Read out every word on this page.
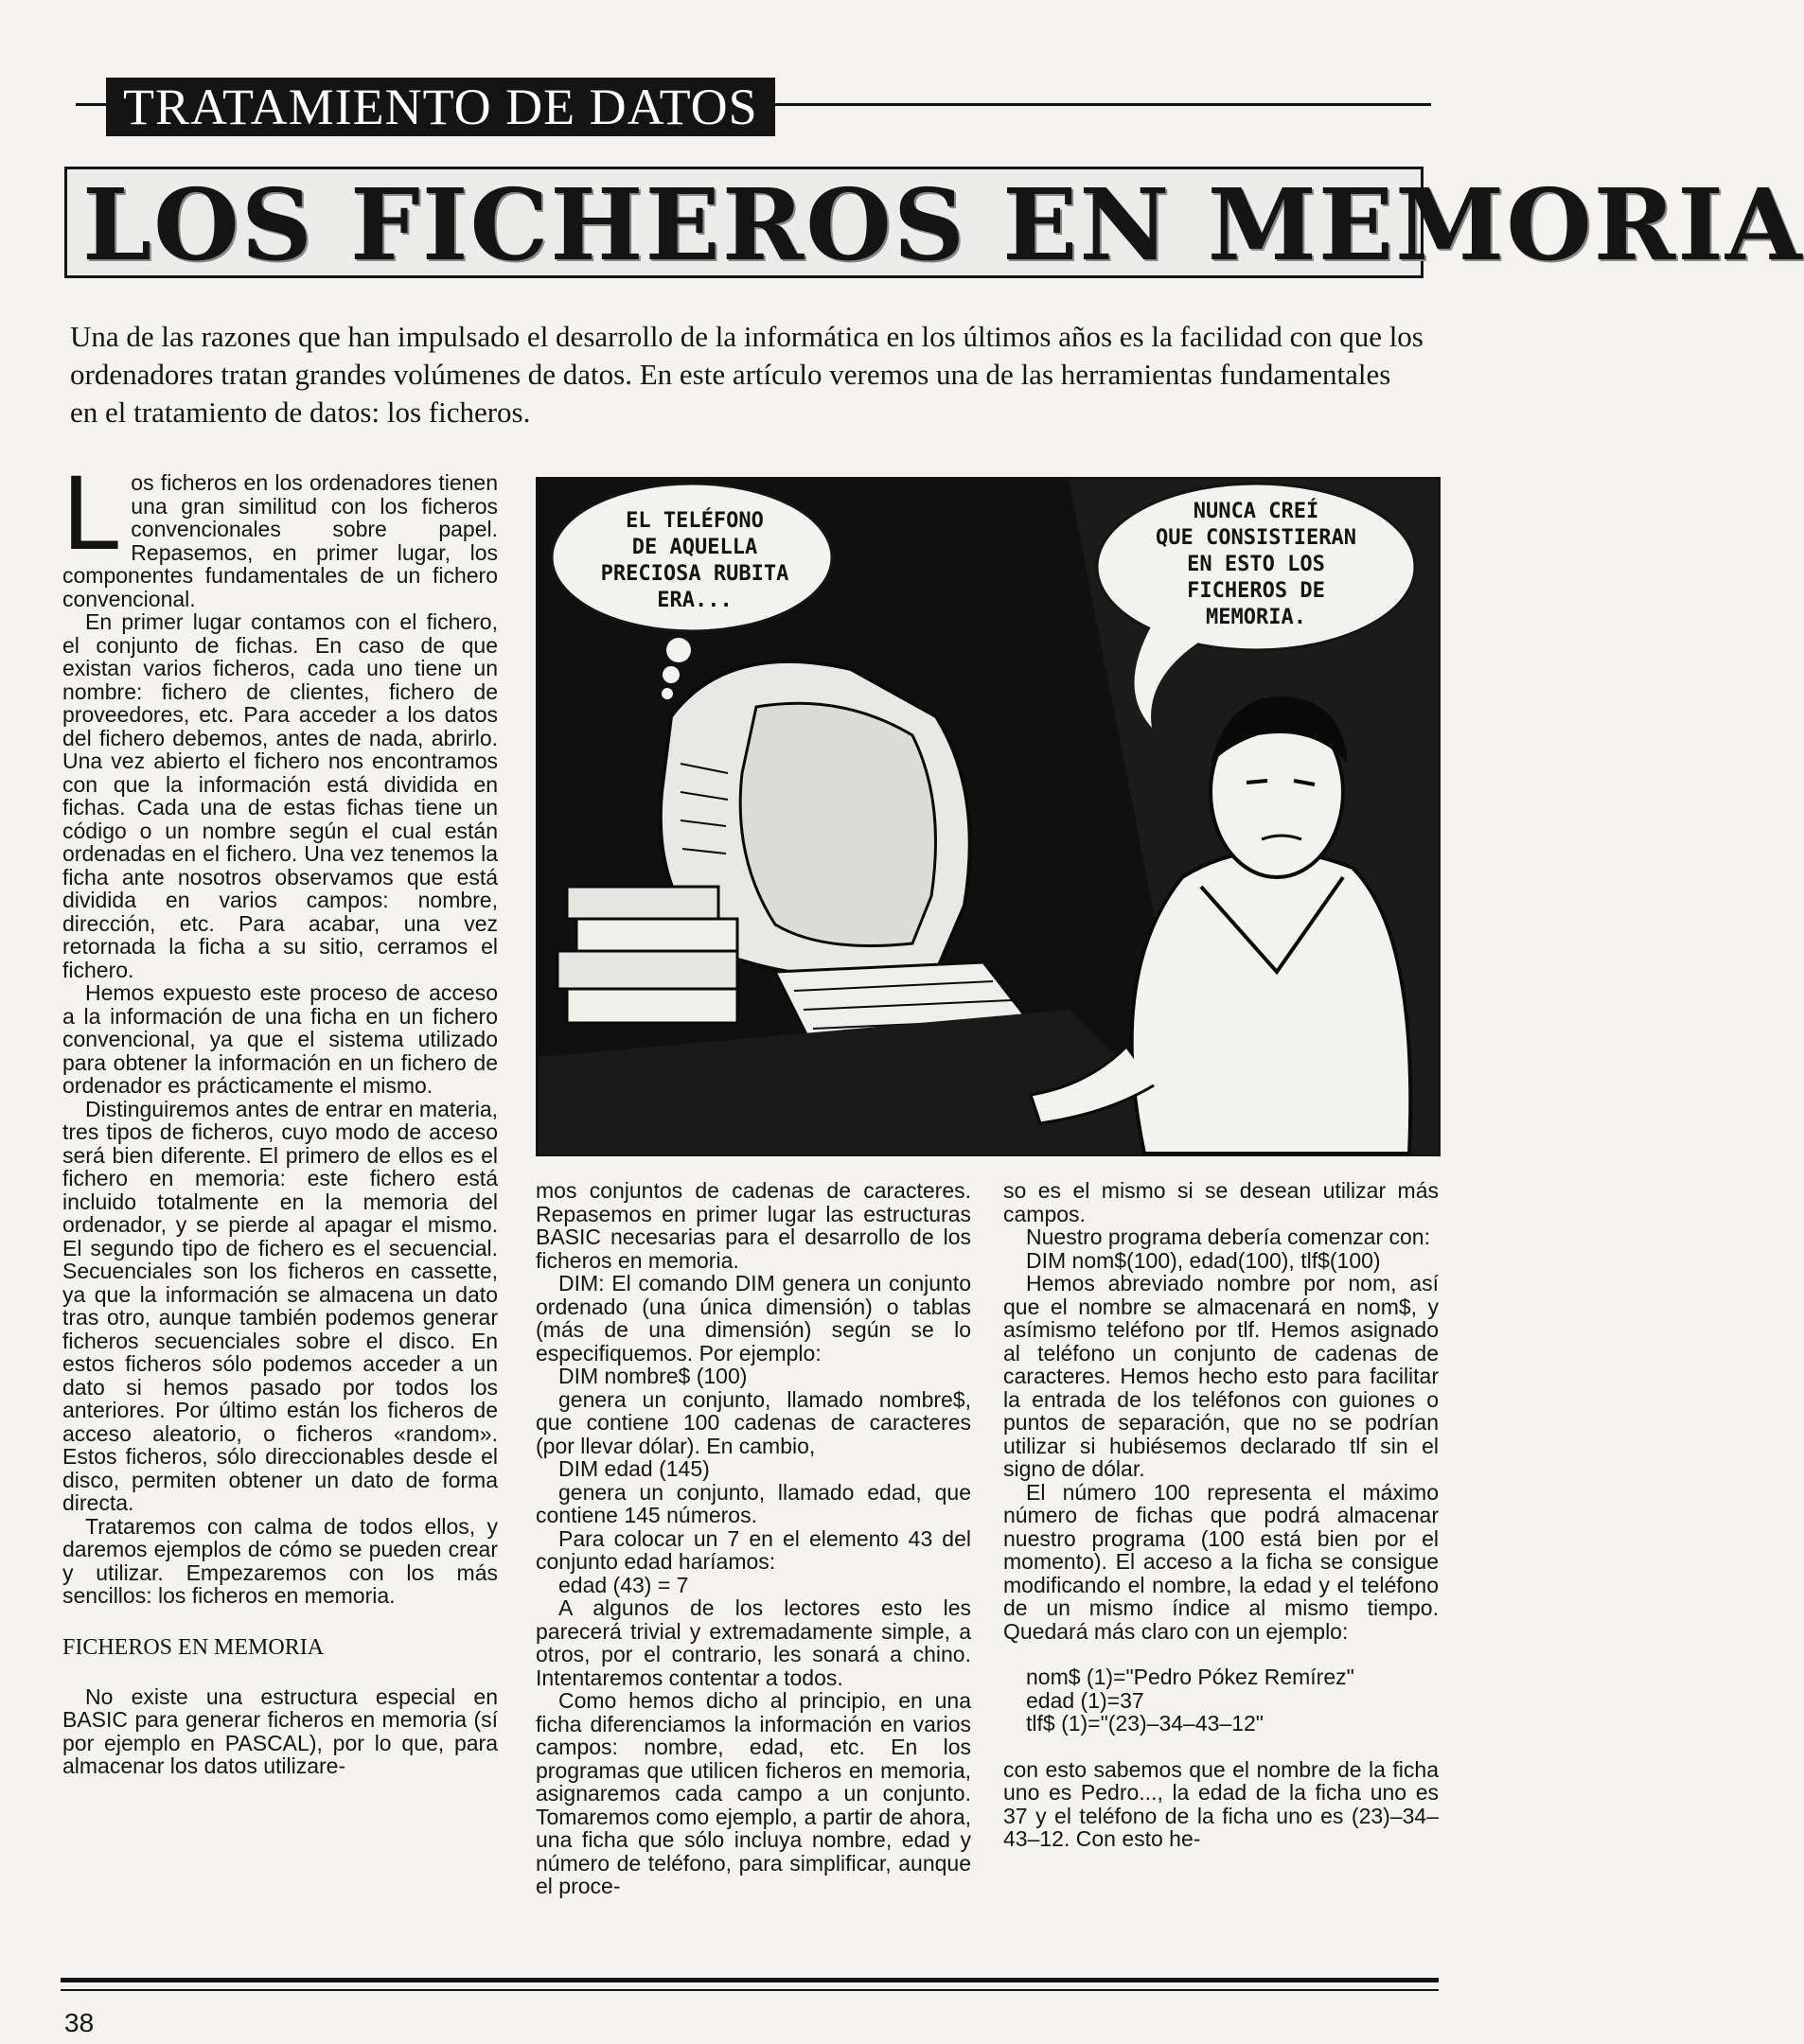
TRATAMIENTO DE DATOS
LOS FICHEROS EN MEMORIA
Una de las razones que han impulsado el desarrollo de la informática en los últimos años es la facilidad con que los ordenadores tratan grandes volúmenes de datos. En este artículo veremos una de las herramientas fundamentales en el tratamiento de datos: los ficheros.

Los ficheros en los ordenadores tienen una gran similitud con los ficheros convencionales sobre papel. Repasemos, en primer lugar, los componentes fundamentales de un fichero convencional.

En primer lugar contamos con el fichero, el conjunto de fichas. En caso de que existan varios ficheros, cada uno tiene un nombre: fichero de clientes, fichero de proveedores, etc. Para acceder a los datos del fichero debemos, antes de nada, abrirlo. Una vez abierto el fichero nos encontramos con que la información está dividida en fichas. Cada una de estas fichas tiene un código o un nombre según el cual están ordenadas en el fichero. Una vez tenemos la ficha ante nosotros observamos que está dividida en varios campos: nombre, dirección, etc. Para acabar, una vez retornada la ficha a su sitio, cerramos el fichero.

Hemos expuesto este proceso de acceso a la información de una ficha en un fichero convencional, ya que el sistema utilizado para obtener la información en un fichero de ordenador es prácticamente el mismo.

Distinguiremos antes de entrar en materia, tres tipos de ficheros, cuyo modo de acceso será bien diferente. El primero de ellos es el fichero en memoria: este fichero está incluido totalmente en la memoria del ordenador, y se pierde al apagar el mismo. El segundo tipo de fichero es el secuencial. Secuenciales son los ficheros en cassette, ya que la información se almacena un dato tras otro, aunque también podemos generar ficheros secuenciales sobre el disco. En estos ficheros sólo podemos acceder a un dato si hemos pasado por todos los anteriores. Por último están los ficheros de acceso aleatorio, o ficheros «random». Estos ficheros, sólo direccionables desde el disco, permiten obtener un dato de forma directa.

Trataremos con calma de todos ellos, y daremos ejemplos de cómo se pueden crear y utilizar. Empezaremos con los más sencillos: los ficheros en memoria.

FICHEROS EN MEMORIA

No existe una estructura especial en BASIC para generar ficheros en memoria (sí por ejemplo en PASCAL), por lo que, para almacenar los datos utilizare-

EL TELÉFONO
DE AQUELLA
PRECIOSA RUBITA
ERA...
NUNCA CREÍ
QUE CONSISTIERAN
EN ESTO LOS
FICHEROS DE
MEMORIA.

mos conjuntos de cadenas de caracteres. Repasemos en primer lugar las estructuras BASIC necesarias para el desarrollo de los ficheros en memoria.

DIM: El comando DIM genera un conjunto ordenado (una única dimensión) o tablas (más de una dimensión) según se lo especifiquemos. Por ejemplo:

DIM nombre$ (100)

genera un conjunto, llamado nombre$, que contiene 100 cadenas de caracteres (por llevar dólar). En cambio,

DIM edad (145)

genera un conjunto, llamado edad, que contiene 145 números.

Para colocar un 7 en el elemento 43 del conjunto edad haríamos:

edad (43) = 7

A algunos de los lectores esto les parecerá trivial y extremadamente simple, a otros, por el contrario, les sonará a chino. Intentaremos contentar a todos.

Como hemos dicho al principio, en una ficha diferenciamos la información en varios campos: nombre, edad, etc. En los programas que utilicen ficheros en memoria, asignaremos cada campo a un conjunto. Tomaremos como ejemplo, a partir de ahora, una ficha que sólo incluya nombre, edad y número de teléfono, para simplificar, aunque el proce-

so es el mismo si se desean utilizar más campos.

Nuestro programa debería comenzar con:

DIM nom$(100), edad(100), tlf$(100)

Hemos abreviado nombre por nom, así que el nombre se almacenará en nom$, y asímismo teléfono por tlf. Hemos asignado al teléfono un conjunto de cadenas de caracteres. Hemos hecho esto para facilitar la entrada de los teléfonos con guiones o puntos de separación, que no se podrían utilizar si hubiésemos declarado tlf sin el signo de dólar.

El número 100 representa el máximo número de fichas que podrá almacenar nuestro programa (100 está bien por el momento). El acceso a la ficha se consigue modificando el nombre, la edad y el teléfono de un mismo índice al mismo tiempo. Quedará más claro con un ejemplo:

nom$ (1)="Pedro Pókez Remírez"

edad (1)=37

tlf$ (1)="(23)–34–43–12"

con esto sabemos que el nombre de la ficha uno es Pedro..., la edad de la ficha uno es 37 y el teléfono de la ficha uno es (23)–34–43–12. Con esto he-

38
